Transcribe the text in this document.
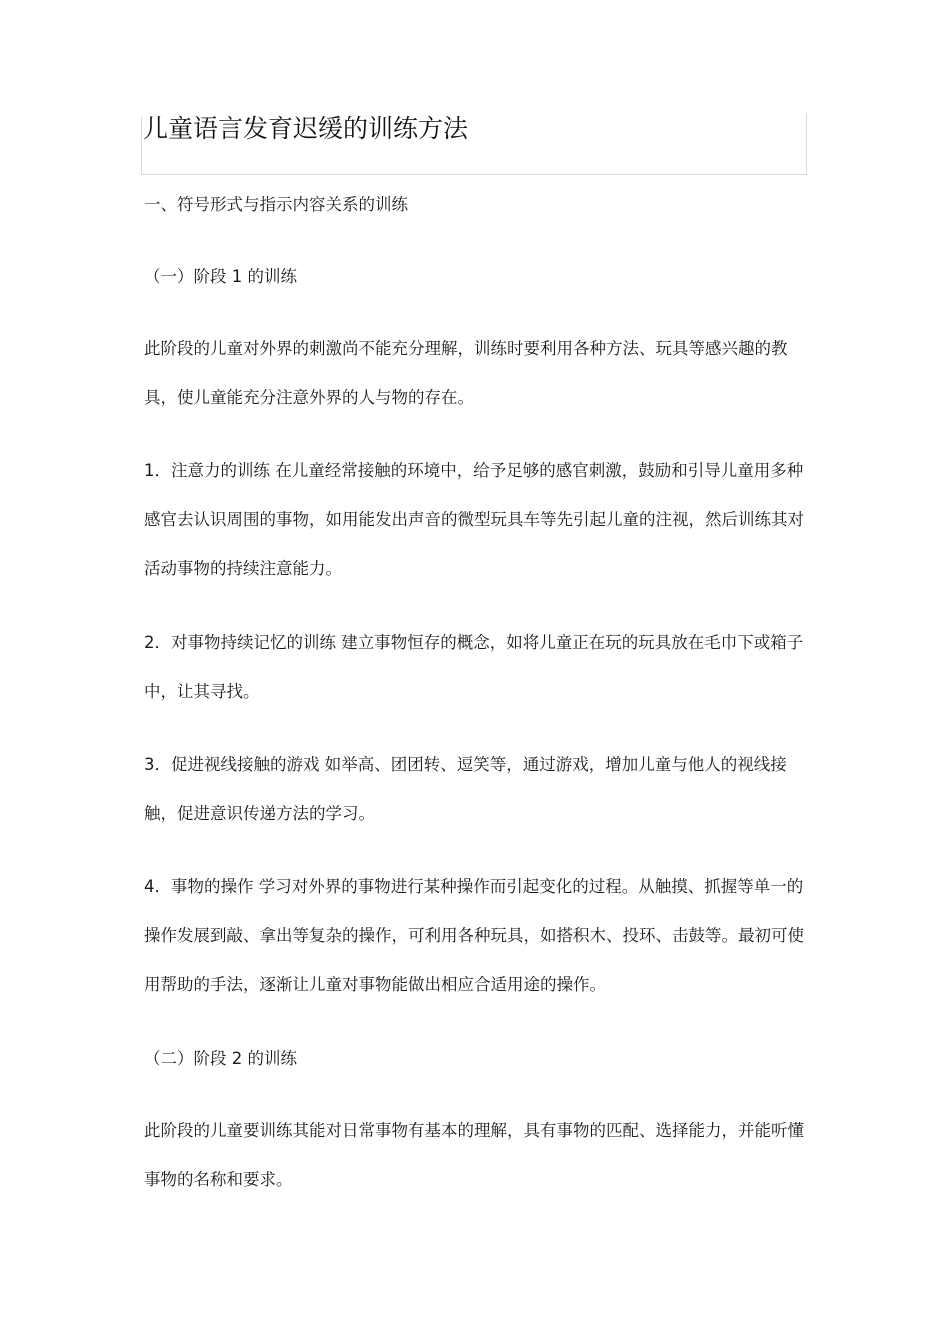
儿童语言发育迟缓的训练方法

一、符号形式与指示内容关系的训练

（一）阶段 1 的训练

此阶段的儿童对外界的刺激尚不能充分理解，训练时要利用各种方法、玩具等感兴趣的教具，使儿童能充分注意外界的人与物的存在。

1．注意力的训练 在儿童经常接触的环境中，给予足够的感官刺激，鼓励和引导儿童用多种感官去认识周围的事物，如用能发出声音的微型玩具车等先引起儿童的注视，然后训练其对活动事物的持续注意能力。

2．对事物持续记忆的训练 建立事物恒存的概念，如将儿童正在玩的玩具放在毛巾下或箱子中，让其寻找。

3．促进视线接触的游戏 如举高、团团转、逗笑等，通过游戏，增加儿童与他人的视线接触，促进意识传递方法的学习。

4．事物的操作 学习对外界的事物进行某种操作而引起变化的过程。从触摸、抓握等单一的操作发展到敲、拿出等复杂的操作，可利用各种玩具，如搭积木、投环、击鼓等。最初可使用帮助的手法，逐渐让儿童对事物能做出相应合适用途的操作。

（二）阶段 2 的训练

此阶段的儿童要训练其能对日常事物有基本的理解，具有事物的匹配、选择能力，并能听懂事物的名称和要求。
